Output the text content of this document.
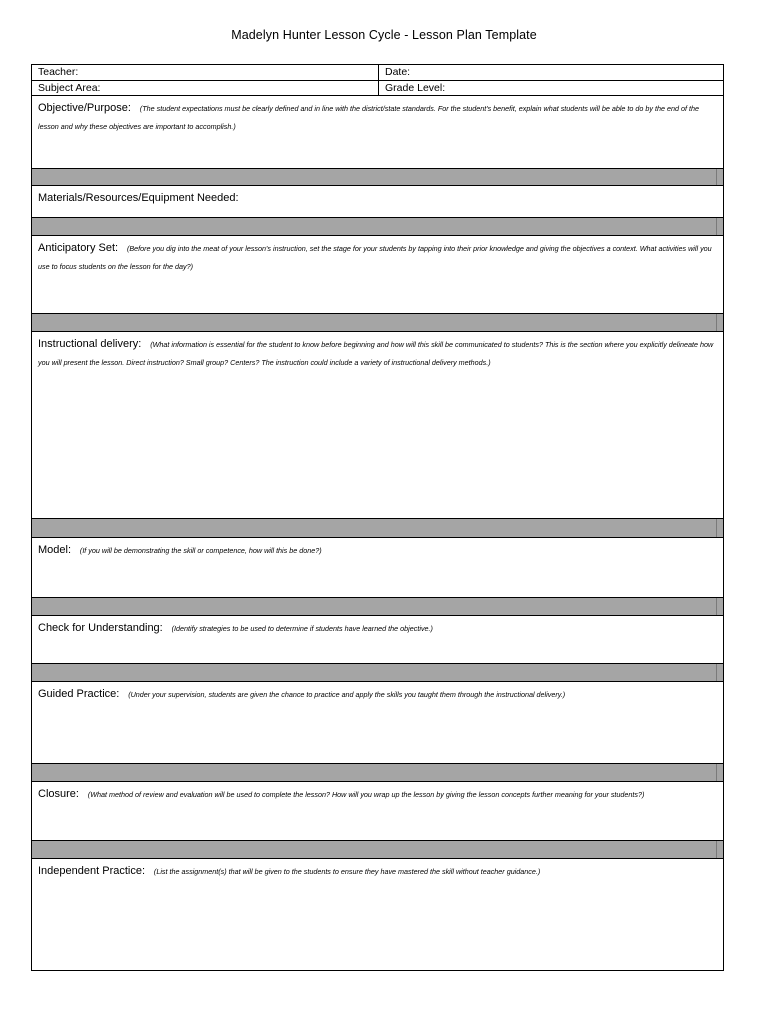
Madelyn Hunter Lesson Cycle - Lesson Plan Template
Teacher:	Date:
Subject Area:	Grade Level:
Objective/Purpose: (The student expectations must be clearly defined and in line with the district/state standards. For the student's benefit, explain what students will be able to do by the end of the lesson and why these objectives are important to accomplish.)
Materials/Resources/Equipment Needed:
Anticipatory Set: (Before you dig into the meat of your lesson's instruction, set the stage for your students by tapping into their prior knowledge and giving the objectives a context. What activities will you use to focus students on the lesson for the day?)
Instructional delivery: (What information is essential for the student to know before beginning and how will this skill be communicated to students? This is the section where you explicitly delineate how you will present the lesson. Direct instruction? Small group? Centers? The instruction could include a variety of instructional delivery methods.)
Model: (If you will be demonstrating the skill or competence, how will this be done?)
Check for Understanding: (Identify strategies to be used to determine if students have learned the objective.)
Guided Practice: (Under your supervision, students are given the chance to practice and apply the skills you taught them through the instructional delivery.)
Closure: (What method of review and evaluation will be used to complete the lesson? How will you wrap up the lesson by giving the lesson concepts further meaning for your students?)
Independent Practice: (List the assignment(s) that will be given to the students to ensure they have mastered the skill without teacher guidance.)
